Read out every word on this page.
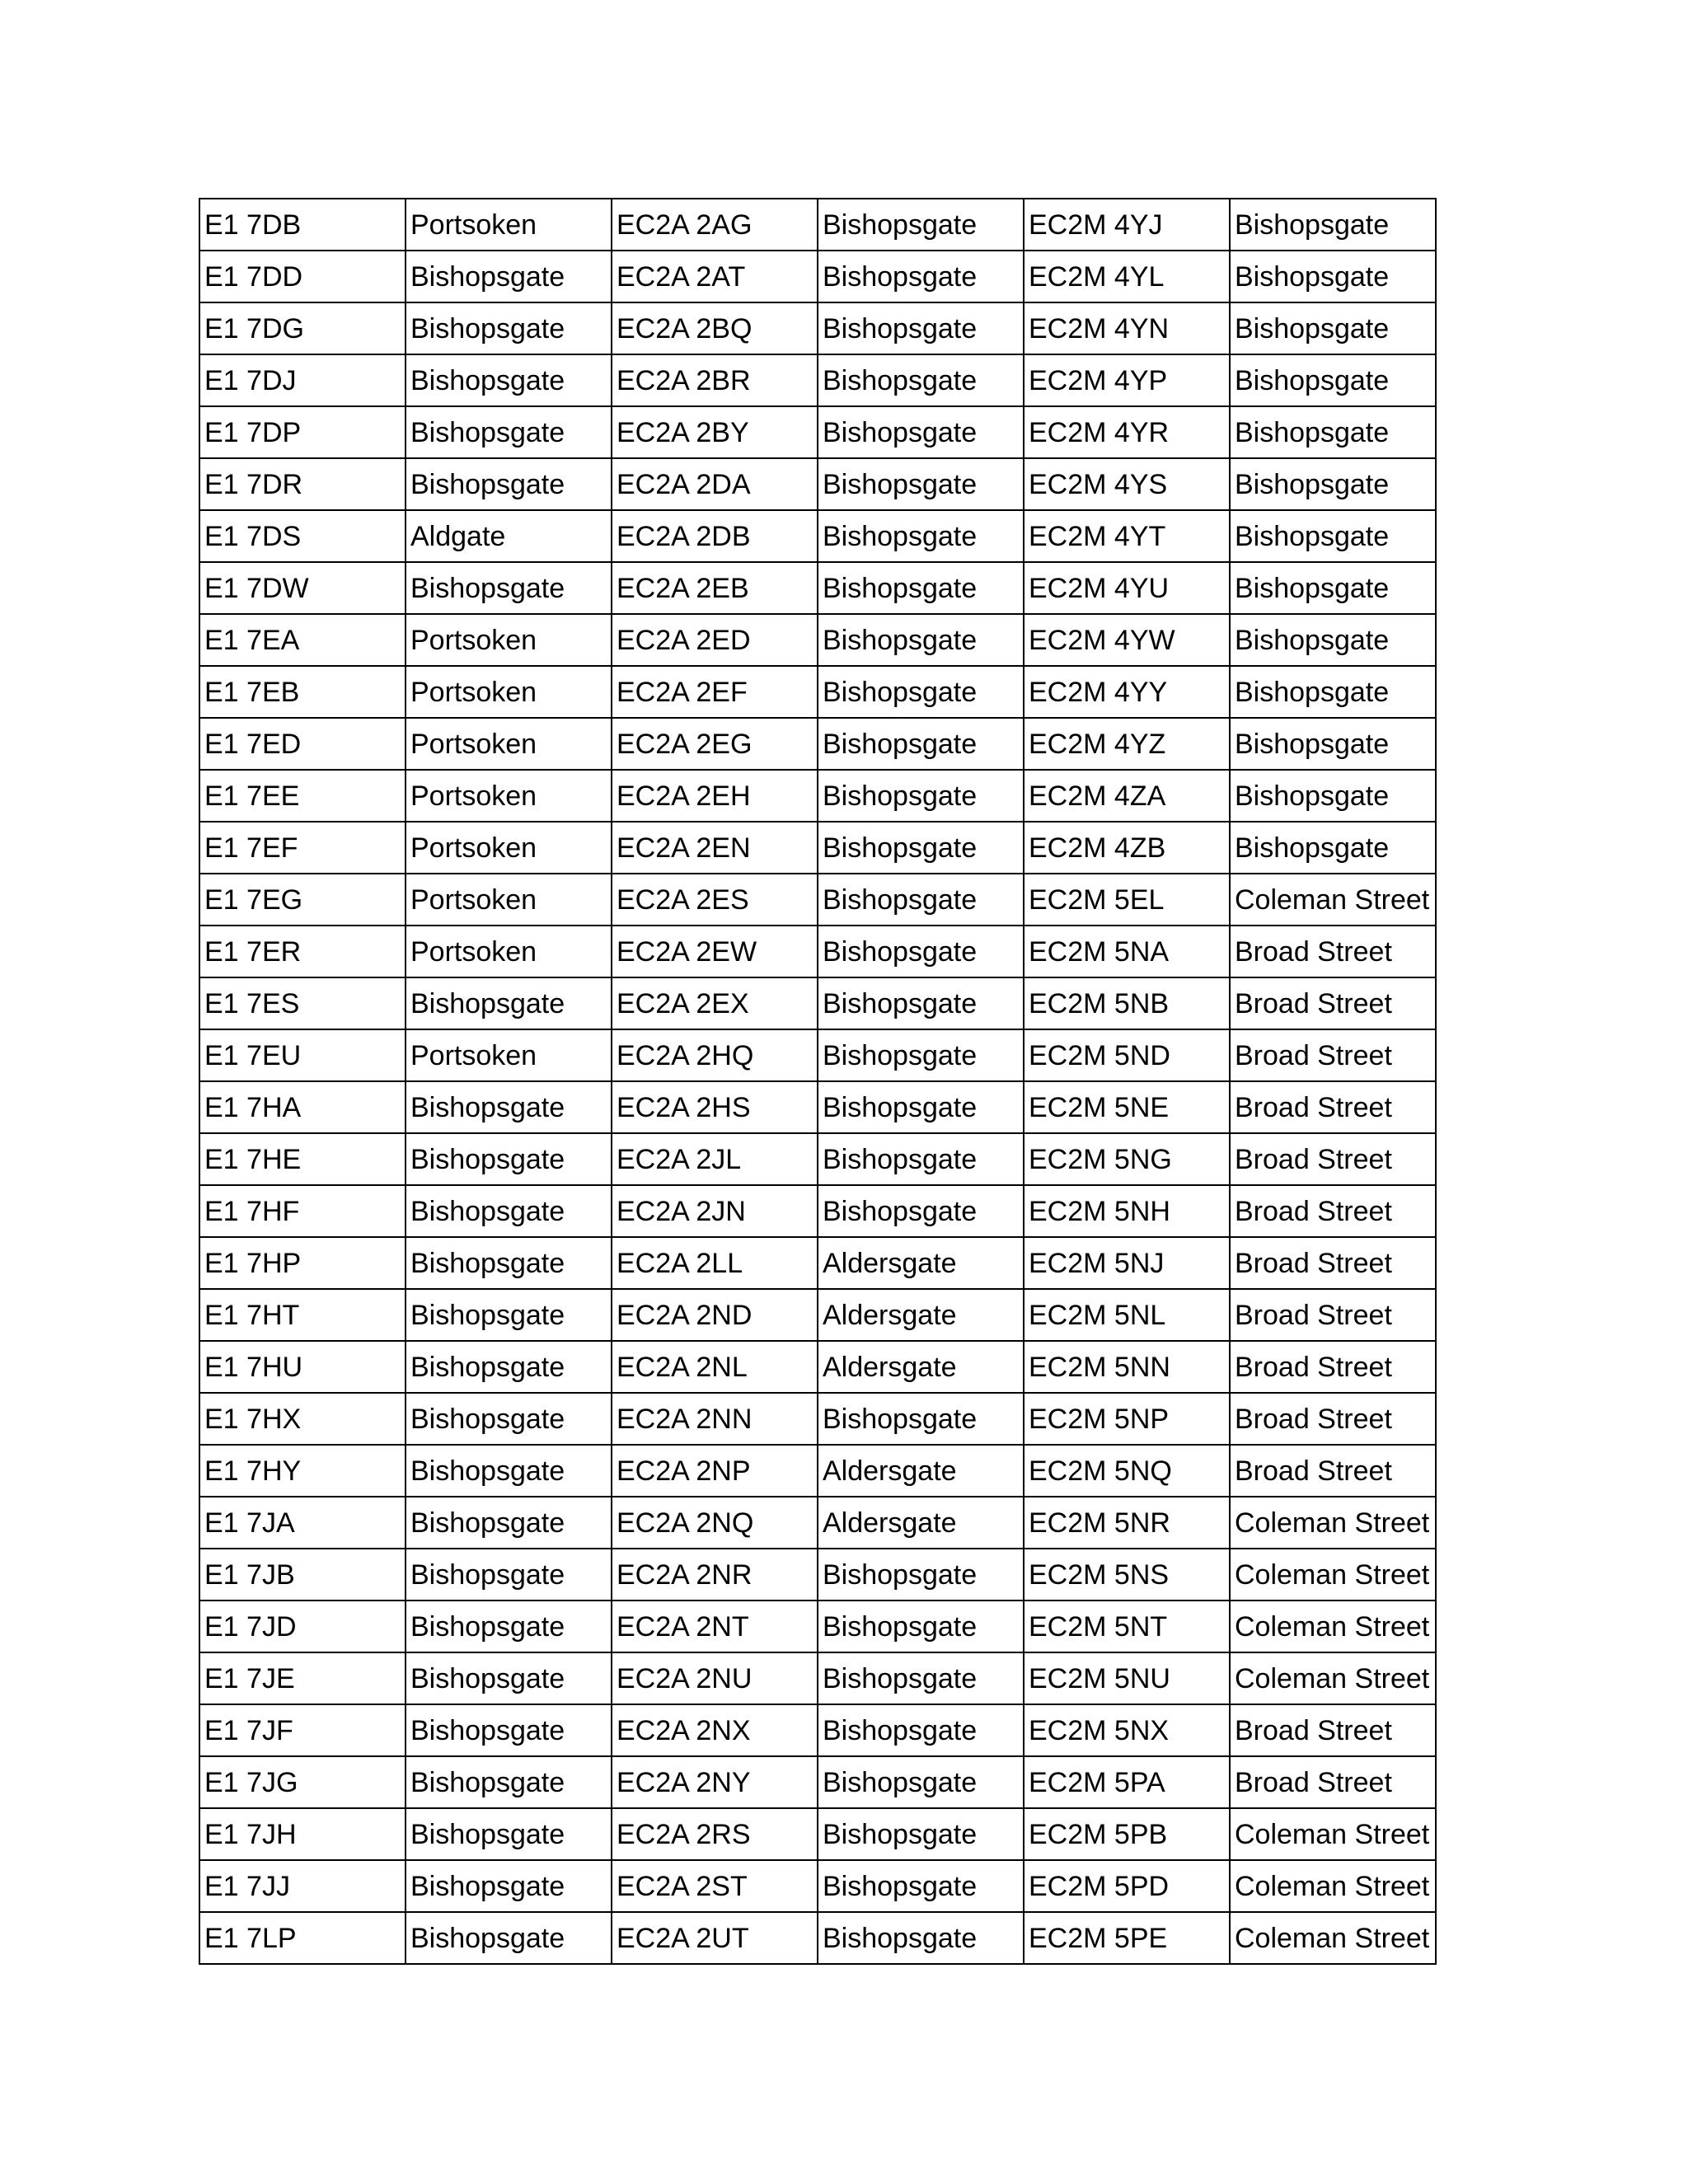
E1 7DB	Portsoken	EC2A 2AG	Bishopsgate	EC2M 4YJ	Bishopsgate
E1 7DD	Bishopsgate	EC2A 2AT	Bishopsgate	EC2M 4YL	Bishopsgate
E1 7DG	Bishopsgate	EC2A 2BQ	Bishopsgate	EC2M 4YN	Bishopsgate
E1 7DJ	Bishopsgate	EC2A 2BR	Bishopsgate	EC2M 4YP	Bishopsgate
E1 7DP	Bishopsgate	EC2A 2BY	Bishopsgate	EC2M 4YR	Bishopsgate
E1 7DR	Bishopsgate	EC2A 2DA	Bishopsgate	EC2M 4YS	Bishopsgate
E1 7DS	Aldgate	EC2A 2DB	Bishopsgate	EC2M 4YT	Bishopsgate
E1 7DW	Bishopsgate	EC2A 2EB	Bishopsgate	EC2M 4YU	Bishopsgate
E1 7EA	Portsoken	EC2A 2ED	Bishopsgate	EC2M 4YW	Bishopsgate
E1 7EB	Portsoken	EC2A 2EF	Bishopsgate	EC2M 4YY	Bishopsgate
E1 7ED	Portsoken	EC2A 2EG	Bishopsgate	EC2M 4YZ	Bishopsgate
E1 7EE	Portsoken	EC2A 2EH	Bishopsgate	EC2M 4ZA	Bishopsgate
E1 7EF	Portsoken	EC2A 2EN	Bishopsgate	EC2M 4ZB	Bishopsgate
E1 7EG	Portsoken	EC2A 2ES	Bishopsgate	EC2M 5EL	Coleman Street
E1 7ER	Portsoken	EC2A 2EW	Bishopsgate	EC2M 5NA	Broad Street
E1 7ES	Bishopsgate	EC2A 2EX	Bishopsgate	EC2M 5NB	Broad Street
E1 7EU	Portsoken	EC2A 2HQ	Bishopsgate	EC2M 5ND	Broad Street
E1 7HA	Bishopsgate	EC2A 2HS	Bishopsgate	EC2M 5NE	Broad Street
E1 7HE	Bishopsgate	EC2A 2JL	Bishopsgate	EC2M 5NG	Broad Street
E1 7HF	Bishopsgate	EC2A 2JN	Bishopsgate	EC2M 5NH	Broad Street
E1 7HP	Bishopsgate	EC2A 2LL	Aldersgate	EC2M 5NJ	Broad Street
E1 7HT	Bishopsgate	EC2A 2ND	Aldersgate	EC2M 5NL	Broad Street
E1 7HU	Bishopsgate	EC2A 2NL	Aldersgate	EC2M 5NN	Broad Street
E1 7HX	Bishopsgate	EC2A 2NN	Bishopsgate	EC2M 5NP	Broad Street
E1 7HY	Bishopsgate	EC2A 2NP	Aldersgate	EC2M 5NQ	Broad Street
E1 7JA	Bishopsgate	EC2A 2NQ	Aldersgate	EC2M 5NR	Coleman Street
E1 7JB	Bishopsgate	EC2A 2NR	Bishopsgate	EC2M 5NS	Coleman Street
E1 7JD	Bishopsgate	EC2A 2NT	Bishopsgate	EC2M 5NT	Coleman Street
E1 7JE	Bishopsgate	EC2A 2NU	Bishopsgate	EC2M 5NU	Coleman Street
E1 7JF	Bishopsgate	EC2A 2NX	Bishopsgate	EC2M 5NX	Broad Street
E1 7JG	Bishopsgate	EC2A 2NY	Bishopsgate	EC2M 5PA	Broad Street
E1 7JH	Bishopsgate	EC2A 2RS	Bishopsgate	EC2M 5PB	Coleman Street
E1 7JJ	Bishopsgate	EC2A 2ST	Bishopsgate	EC2M 5PD	Coleman Street
E1 7LP	Bishopsgate	EC2A 2UT	Bishopsgate	EC2M 5PE	Coleman Street
